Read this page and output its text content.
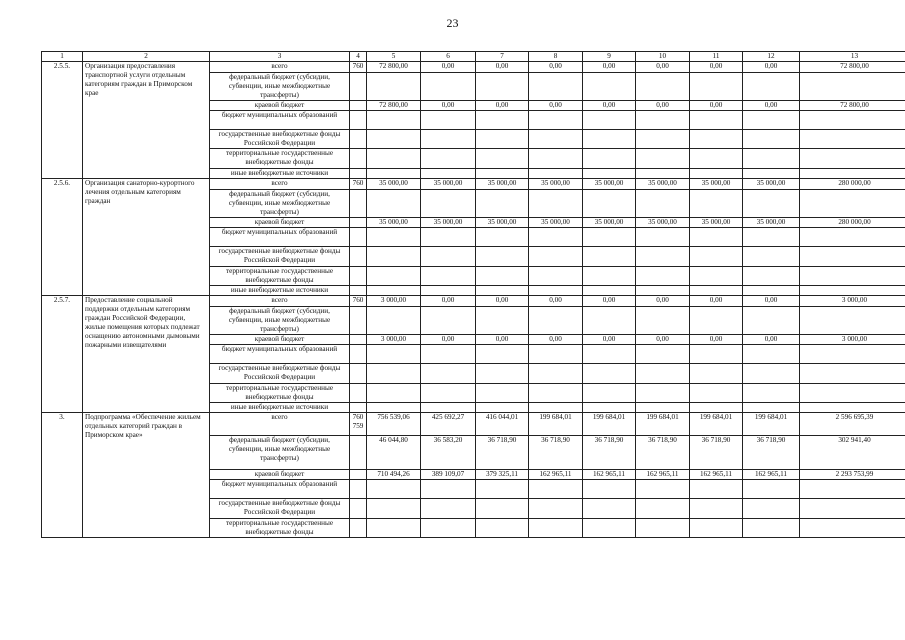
23
1	2	3	4	5	6	7	8	9	10	11	12	13
2.5.5.	Организация предоставления транспортной услуги отдельным категориям граждан в Приморском крае	всего	760	72 800,00	0,00	0,00	0,00	0,00	0,00	0,00	0,00	72 800,00
		федеральный бюджет (субсидии, субвенции, иные межбюджетные трансферты)										
		краевой бюджет		72 800,00	0,00	0,00	0,00	0,00	0,00	0,00	0,00	72 800,00
		бюджет муниципальных образований										
		государственные внебюджетные фонды Российской Федерации										
		территориальные государственные внебюджетные фонды										
		иные внебюджетные источники										
2.5.6.	Организация санаторно-курортного лечения отдельным категориям граждан	всего	760	35 000,00	35 000,00	35 000,00	35 000,00	35 000,00	35 000,00	35 000,00	35 000,00	280 000,00
		федеральный бюджет (субсидии, субвенции, иные межбюджетные трансферты)										
		краевой бюджет		35 000,00	35 000,00	35 000,00	35 000,00	35 000,00	35 000,00	35 000,00	35 000,00	280 000,00
		бюджет муниципальных образований										
		государственные внебюджетные фонды Российской Федерации										
		территориальные государственные внебюджетные фонды										
		иные внебюджетные источники										
2.5.7.	Предоставление социальной поддержки отдельным категориям граждан Российской Федерации, жилые помещения которых подлежат оснащению автономными дымовыми пожарными извещателями	всего	760	3 000,00	0,00	0,00	0,00	0,00	0,00	0,00	0,00	3 000,00
		федеральный бюджет (субсидии, субвенции, иные межбюджетные трансферты)										
		краевой бюджет		3 000,00	0,00	0,00	0,00	0,00	0,00	0,00	0,00	3 000,00
		бюджет муниципальных образований										
		государственные внебюджетные фонды Российской Федерации										
		территориальные государственные внебюджетные фонды										
		иные внебюджетные источники										
3.	Подпрограмма «Обеспечение жильем отдельных категорий граждан в Приморском крае»	всего	760 759	756 539,06	425 692,27	416 044,01	199 684,01	199 684,01	199 684,01	199 684,01	199 684,01	2 596 695,39
		федеральный бюджет (субсидии, субвенции, иные межбюджетные трансферты)		46 044,80	36 583,20	36 718,90	36 718,90	36 718,90	36 718,90	36 718,90	36 718,90	302 941,40
		краевой бюджет		710 494,26	389 109,07	379 325,11	162 965,11	162 965,11	162 965,11	162 965,11	162 965,11	2 293 753,99
		бюджет муниципальных образований										
		государственные внебюджетные фонды Российской Федерации										
		территориальные государственные внебюджетные фонды										
